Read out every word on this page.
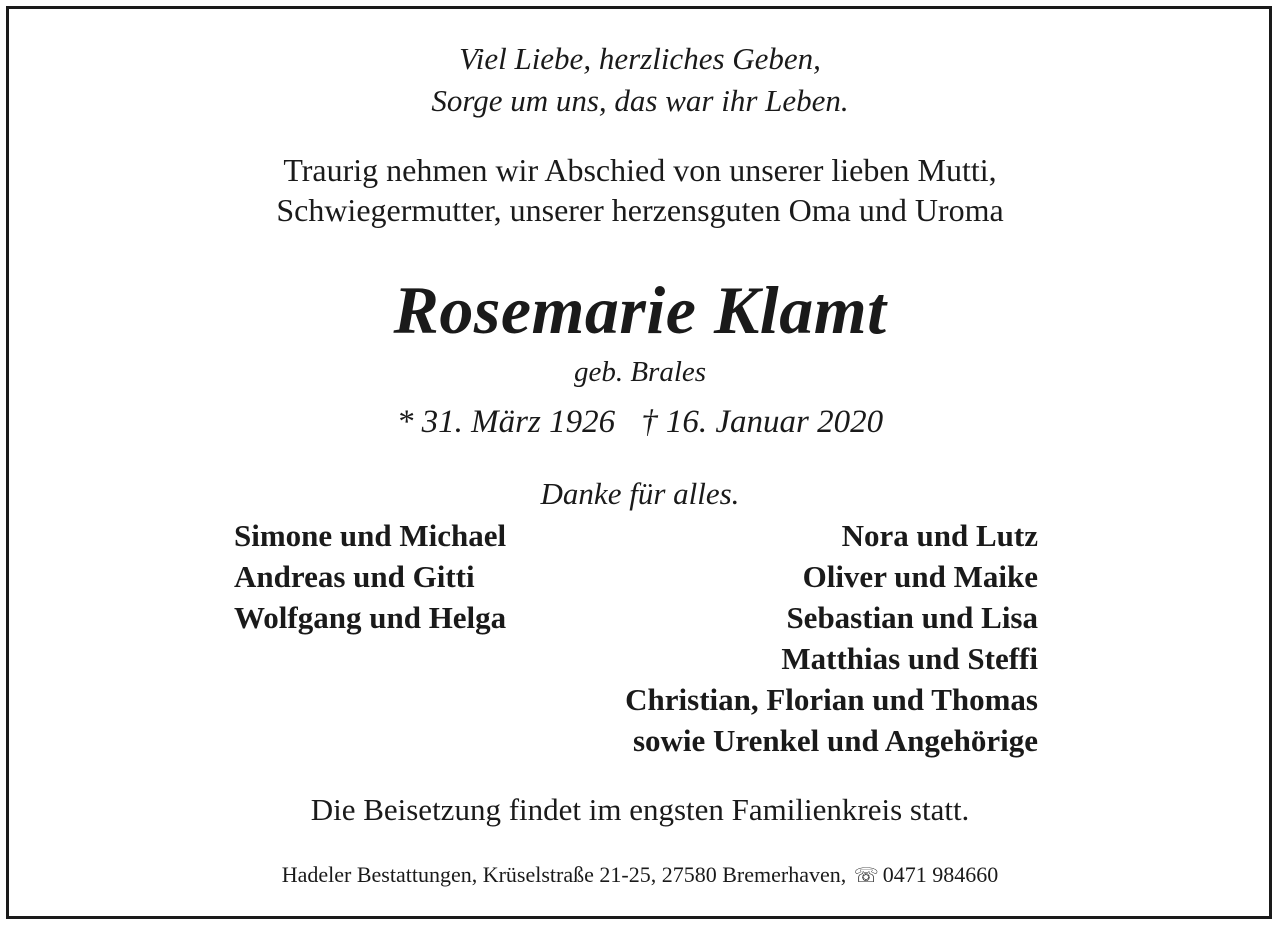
Viel Liebe, herzliches Geben,
Sorge um uns, das war ihr Leben.
Traurig nehmen wir Abschied von unserer lieben Mutti,
Schwiegermutter, unserer herzensguten Oma und Uroma
Rosemarie Klamt
geb. Brales
* 31. März 1926 † 16. Januar 2020
Danke für alles.
Simone und Michael
Andreas und Gitti
Wolfgang und Helga
Nora und Lutz
Oliver und Maike
Sebastian und Lisa
Matthias und Steffi
Christian, Florian und Thomas
sowie Urenkel und Angehörige
Die Beisetzung findet im engsten Familienkreis statt.
Hadeler Bestattungen, Krüselstraße 21-25, 27580 Bremerhaven, ☏ 0471 984660
